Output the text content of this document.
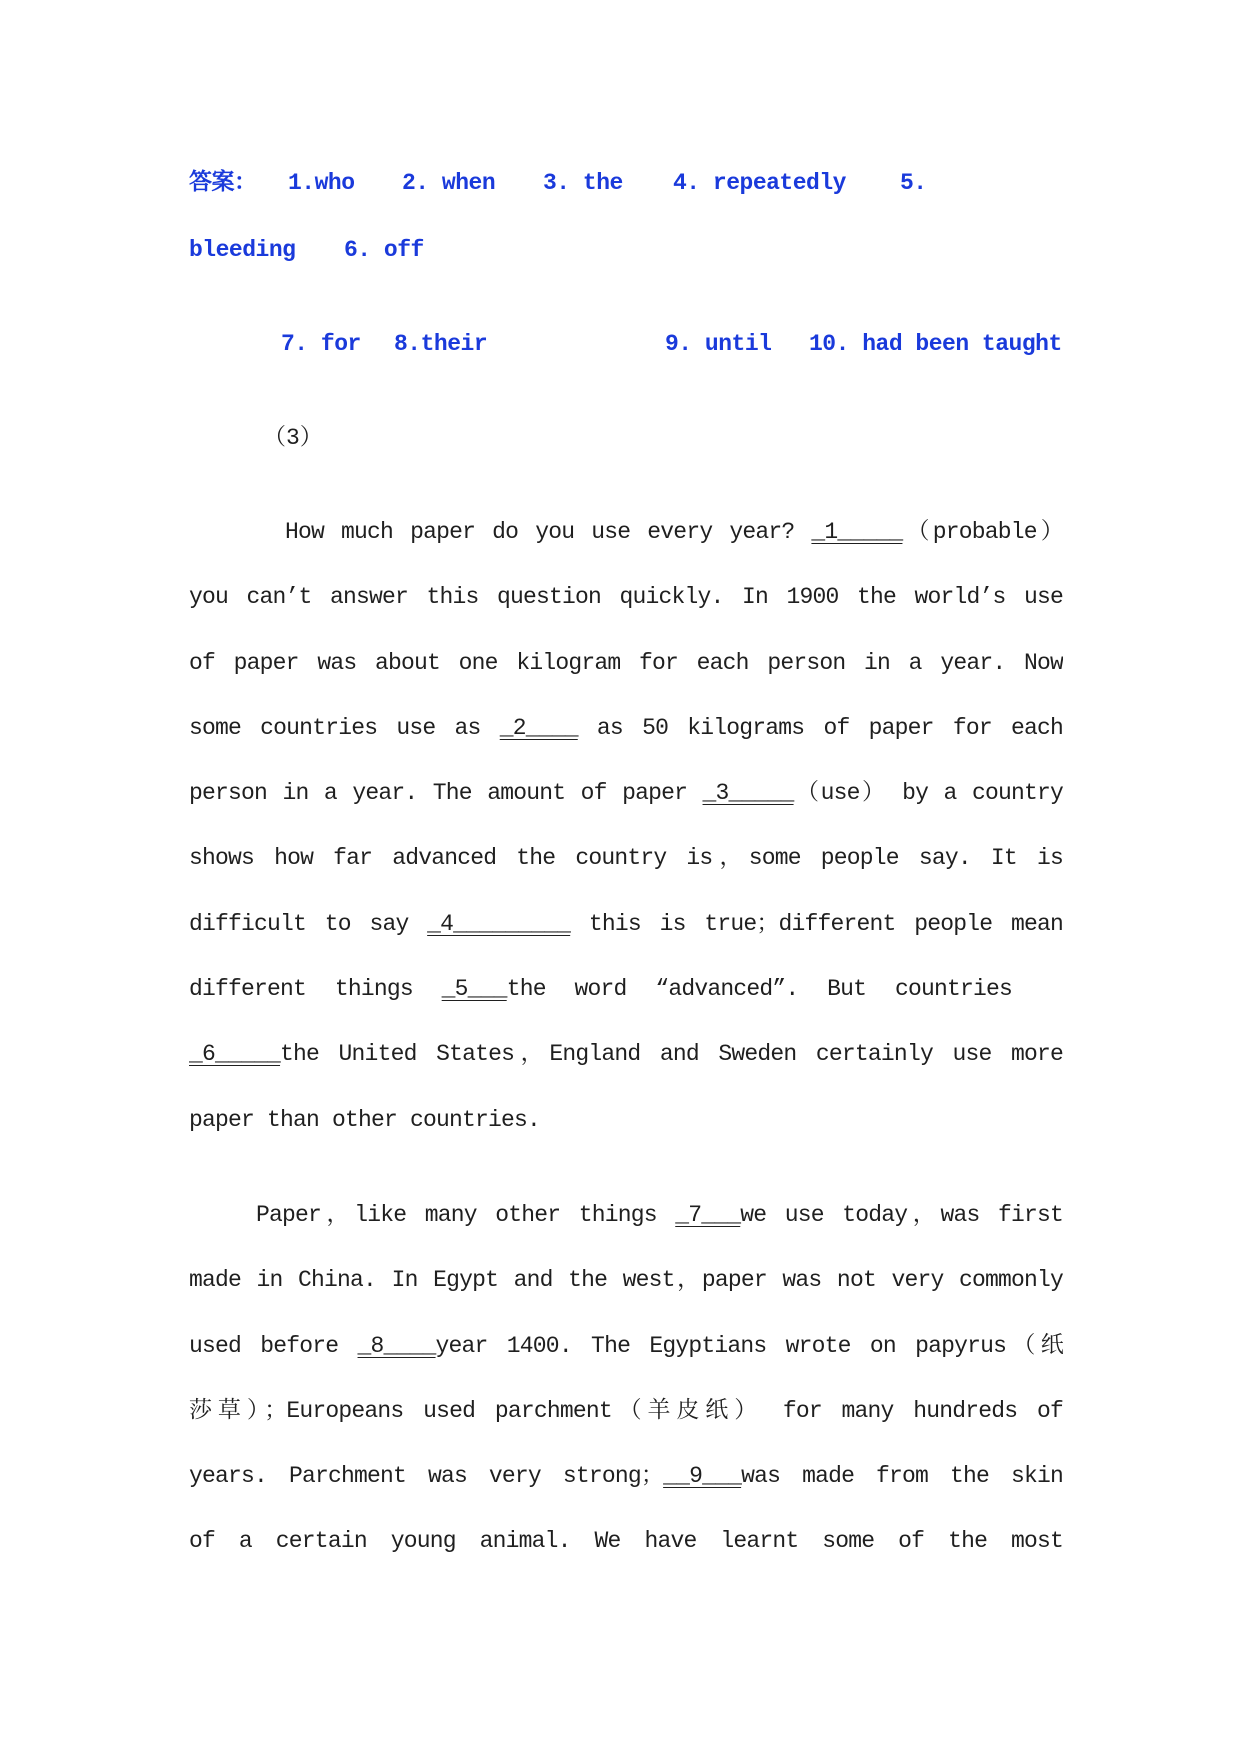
答案： 1.who 2. when 3. the 4. repeatedly 5.
bleeding 6. off
7. for 8.their	9. until 10. had been taught
（3）
How much paper do you use every year? _1_____（probable）
you can’t answer this question quickly. In 1900 the world’s use
of paper was about one kilogram for each person in a year. Now
some countries use as _2____ as 50 kilograms of paper for each
person in a year. The amount of paper _3_____（use） by a country
shows how far advanced the country is，some people say. It is
difficult to say _4_________ this is true；different people mean
different things _5___the word “advanced”. But countries
_6_____the United States，England and Sweden certainly use more
paper than other countries.
Paper，like many other things _7___we use today，was first
made in China. In Egypt and the west，paper was not very commonly
used before _8____year 1400. The Egyptians wrote on papyrus（纸
莎草）；Europeans used parchment（羊皮纸） for many hundreds of
years. Parchment was very strong；__9___was made from the skin
of a certain young animal. We have learnt some of the most
